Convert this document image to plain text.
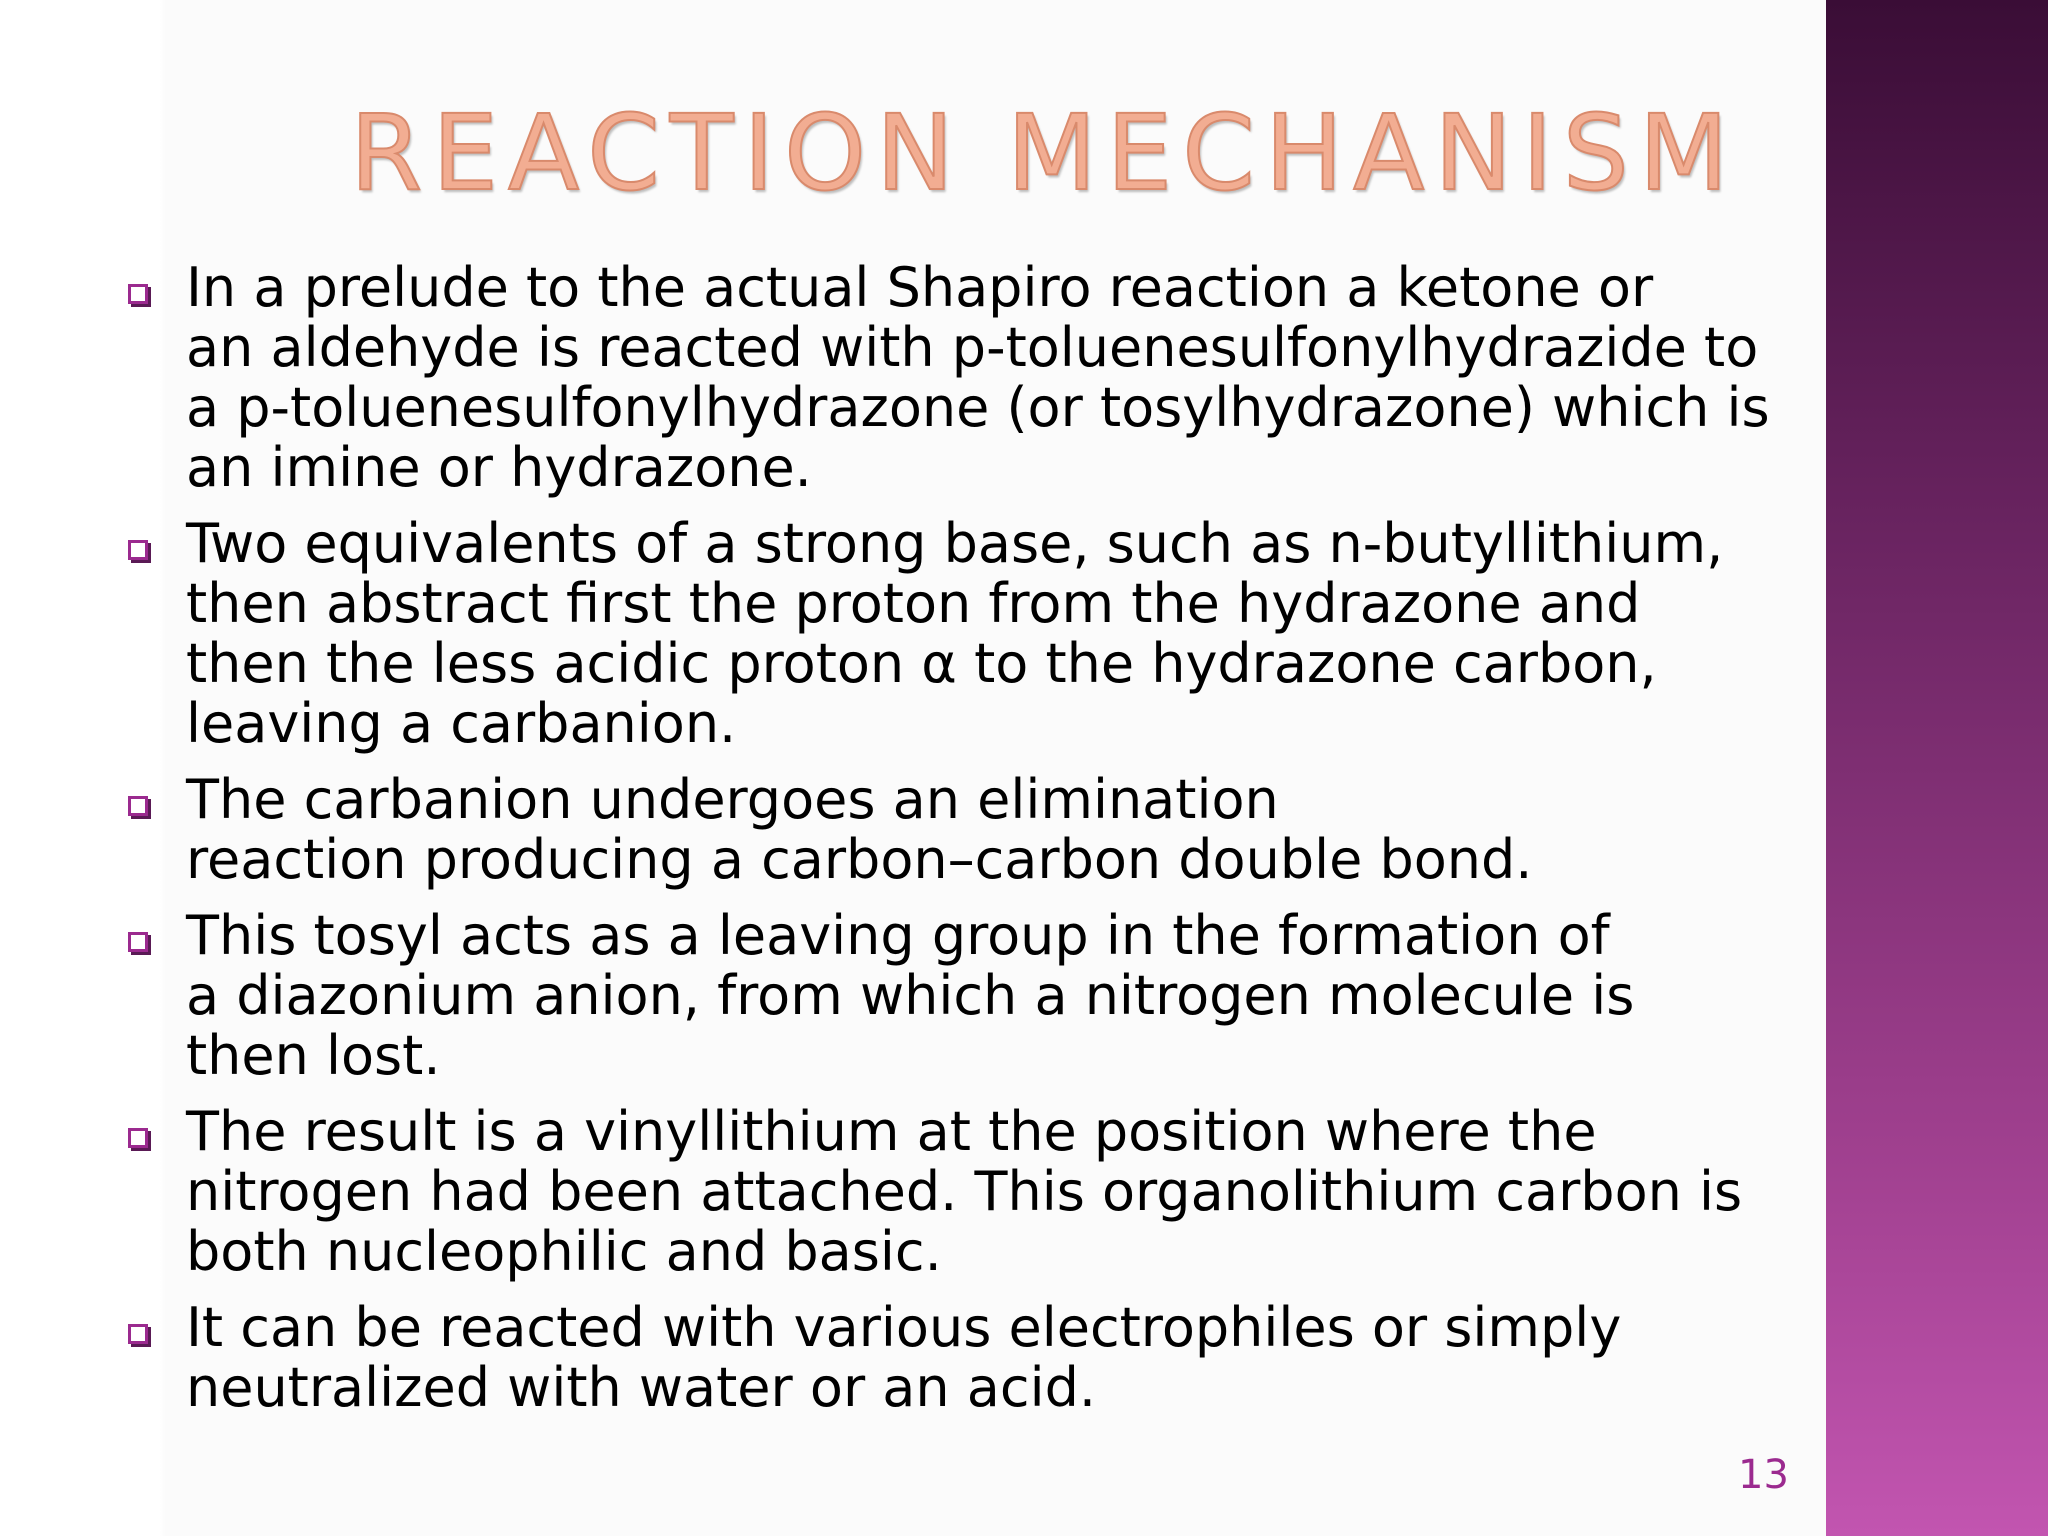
REACTION MECHANISM
In a prelude to the actual Shapiro reaction a ketone or
an aldehyde is reacted with p-toluenesulfonylhydrazide to
a p-toluenesulfonylhydrazone (or tosylhydrazone) which is
an imine or hydrazone.
Two equivalents of a strong base, such as n-butyllithium,
then abstract first the proton from the hydrazone and
then the less acidic proton α to the hydrazone carbon,
leaving a carbanion.
The carbanion undergoes an elimination
reaction producing a carbon–carbon double bond.
This tosyl acts as a leaving group in the formation of
a diazonium anion, from which a nitrogen molecule is
then lost.
The result is a vinyllithium at the position where the
nitrogen had been attached. This organolithium carbon is
both nucleophilic and basic.
It can be reacted with various electrophiles or simply
neutralized with water or an acid.
13
